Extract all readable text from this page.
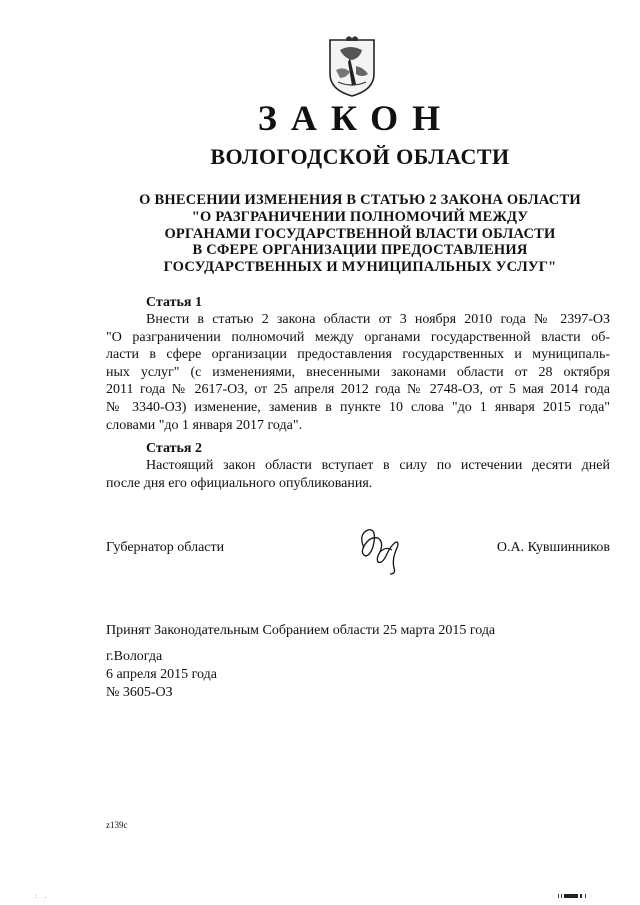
ЗАКОН
ВОЛОГОДСКОЙ ОБЛАСТИ
О ВНЕСЕНИИ ИЗМЕНЕНИЯ В СТАТЬЮ 2 ЗАКОНА ОБЛАСТИ
"О РАЗГРАНИЧЕНИИ ПОЛНОМОЧИЙ МЕЖДУ
ОРГАНАМИ ГОСУДАРСТВЕННОЙ ВЛАСТИ ОБЛАСТИ
В СФЕРЕ ОРГАНИЗАЦИИ ПРЕДОСТАВЛЕНИЯ
ГОСУДАРСТВЕННЫХ И МУНИЦИПАЛЬНЫХ УСЛУГ"
Статья 1
Внести в статью 2 закона области от 3 ноября 2010 года № 2397-ОЗ
"О разграничении полномочий между органами государственной власти об-
ласти в сфере организации предоставления государственных и муниципаль-
ных услуг" (с изменениями, внесенными законами области от 28 октября
2011 года № 2617-ОЗ, от 25 апреля 2012 года № 2748-ОЗ, от 5 мая 2014 года
№ 3340-ОЗ) изменение, заменив в пункте 10 слова "до 1 января 2015 года"
словами "до 1 января 2017 года".
Статья 2
Настоящий закон области вступает в силу по истечении десяти дней
после дня его официального опубликования.
Губернатор области	О.А. Кувшинников
Принят Законодательным Собранием области 25 марта 2015 года
г.Вологда
6 апреля 2015 года
№ 3605-ОЗ
z139c
: .
